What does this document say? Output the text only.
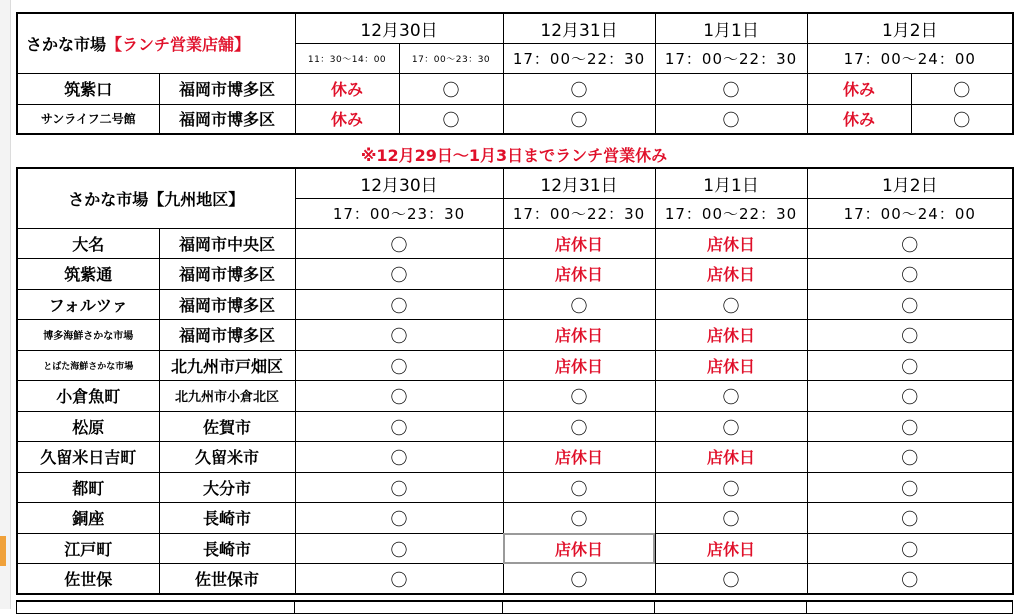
さかな市場【ランチ営業店舗】		12月30日		12月31日	1月1日	1月2日	
		11：30〜14：00	17：00〜23：30	17：00〜22：30	17：00〜22：30	17：00〜24：00	
筑紫口	福岡市博多区	休み	〇	〇	〇	休み	〇
サンライフ二号館	福岡市博多区	休み	〇	〇	〇	休み	〇
※12月29日〜1月3日までランチ営業休み
さかな市場【九州地区】		12月30日	12月31日	1月1日	1月2日
		17：00〜23：30	17：00〜22：30	17：00〜22：30	17：00〜24：00
大名	福岡市中央区	〇	店休日	店休日	〇
筑紫通	福岡市博多区	〇	店休日	店休日	〇
フォルツァ	福岡市博多区	〇	〇	〇	〇
博多海鮮さかな市場	福岡市博多区	〇	店休日	店休日	〇
とばた海鮮さかな市場	北九州市戸畑区	〇	店休日	店休日	〇
小倉魚町	北九州市小倉北区	〇	〇	〇	〇
松原	佐賀市	〇	〇	〇	〇
久留米日吉町	久留米市	〇	店休日	店休日	〇
都町	大分市	〇	〇	〇	〇
銅座	長崎市	〇	〇	〇	〇
江戸町	長崎市	〇	店休日	店休日	〇
佐世保	佐世保市	〇	〇	〇	〇
